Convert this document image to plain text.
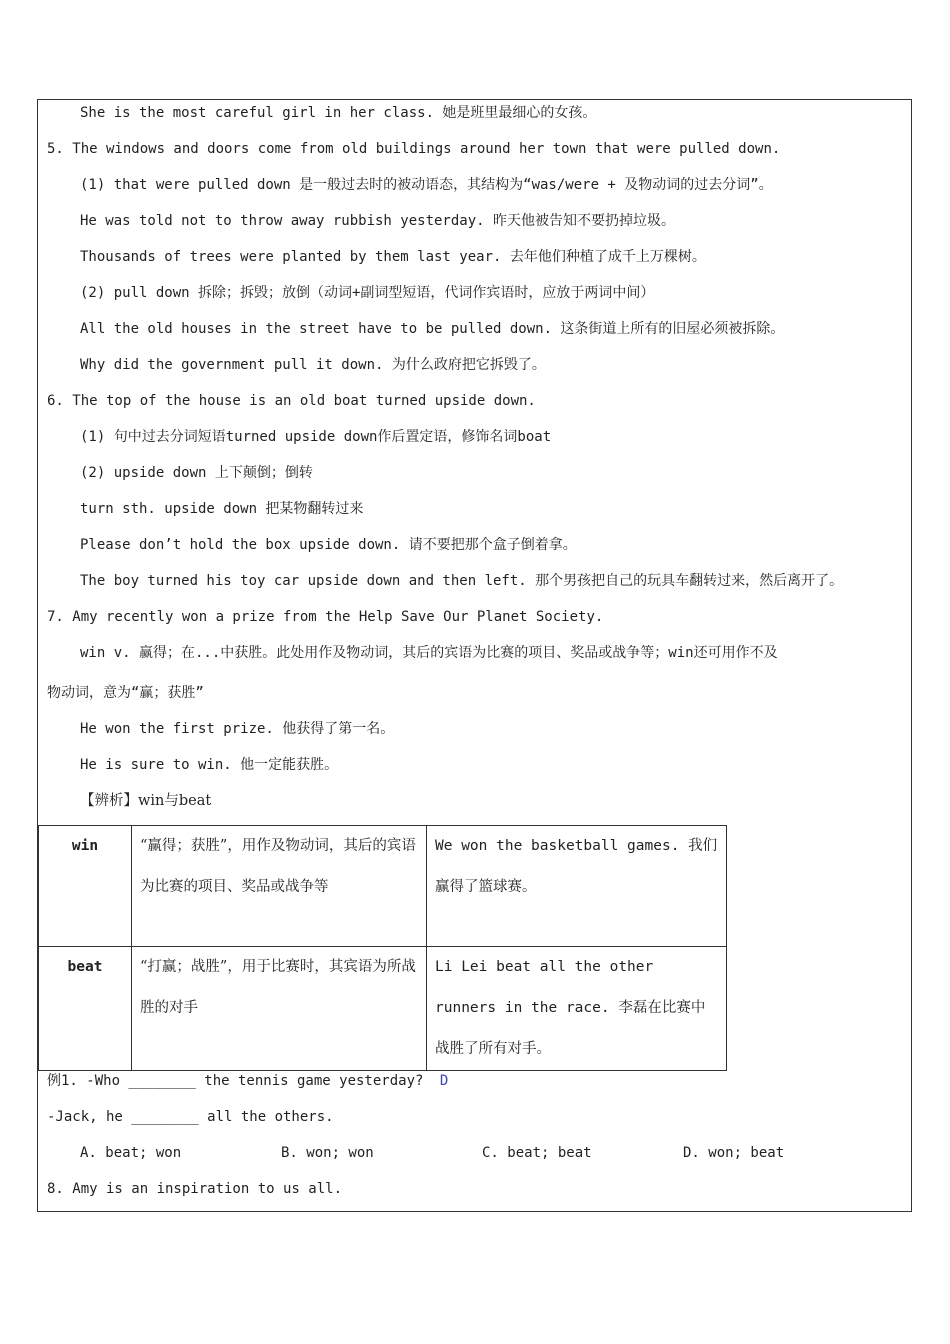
She is the most careful girl in her class. 她是班里最细心的女孩。
5. The windows and doors come from old buildings around her town that were pulled down.
(1) that were pulled down 是一般过去时的被动语态，其结构为“was/were + 及物动词的过去分词”。
He was told not to throw away rubbish yesterday. 昨天他被告知不要扔掉垃圾。
Thousands of trees were planted by them last year. 去年他们种植了成千上万棵树。
(2) pull down 拆除；拆毁；放倒（动词+副词型短语，代词作宾语时，应放于两词中间）
All the old houses in the street have to be pulled down. 这条街道上所有的旧屋必须被拆除。
Why did the government pull it down. 为什么政府把它拆毁了。
6. The top of the house is an old boat turned upside down.
(1) 句中过去分词短语turned upside down作后置定语，修饰名词boat
(2) upside down 上下颠倒；倒转
turn sth. upside down 把某物翻转过来
Please don’t hold the box upside down. 请不要把那个盒子倒着拿。
The boy turned his toy car upside down and then left. 那个男孩把自己的玩具车翻转过来，然后离开了。
7. Amy recently won a prize from the Help Save Our Planet Society.
win v. 赢得；在...中获胜。此处用作及物动词，其后的宾语为比赛的项目、奖品或战争等；win还可用作不及
物动词，意为“赢；获胜”
He won the first prize. 他获得了第一名。
He is sure to win. 他一定能获胜。
【辨析】win与beat
win	“赢得；获胜”，用作及物动词，其后的宾语为比赛的项目、奖品或战争等	We won the basketball games. 我们赢得了篮球赛。
beat	“打赢；战胜”，用于比赛时，其宾语为所战胜的对手	Li Lei beat all the other runners in the race. 李磊在比赛中战胜了所有对手。
例1. -Who ________ the tennis game yesterday? D
-Jack, he ________ all the others.
A. beat; won	B. won; won	C. beat; beat	D. won; beat
8. Amy is an inspiration to us all.
